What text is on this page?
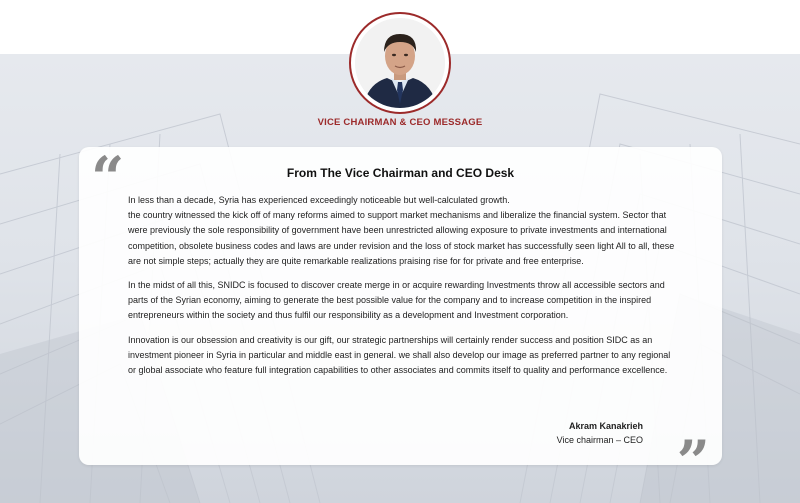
VICE CHAIRMAN & CEO MESSAGE
“	From The Vice Chairman and CEO Desk

In less than a decade, Syria has experienced exceedingly noticeable but well-calculated growth.
the country witnessed the kick off of many reforms aimed to support market mechanisms and liberalize the financial system. Sector that were previously the sole responsibility of government have been unrestricted allowing exposure to private investments and international competition, obsolete business codes and laws are under revision and the loss of stock market has successfully seen light All to all, these are not simple steps; actually they are quite remarkable realizations praising rise for for private and free enterprise.

In the midst of all this, SNIDC is focused to discover create merge in or acquire rewarding Investments throw all accessible sectors and parts of the Syrian economy, aiming to generate the best possible value for the company and to increase competition in the inspired entrepreneurs within the society and thus fulfil our responsibility as a development and Investment corporation.

Innovation is our obsession and creativity is our gift, our strategic partnerships will certainly render success and position SIDC as an investment pioneer in Syria in particular and middle east in general. we shall also develop our image as preferred partner to any regional or global associate who feature full integration capabilities to other associates and commits itself to quality and performance excellence.

Akram Kanakrieh
Vice chairman – CEO ”
